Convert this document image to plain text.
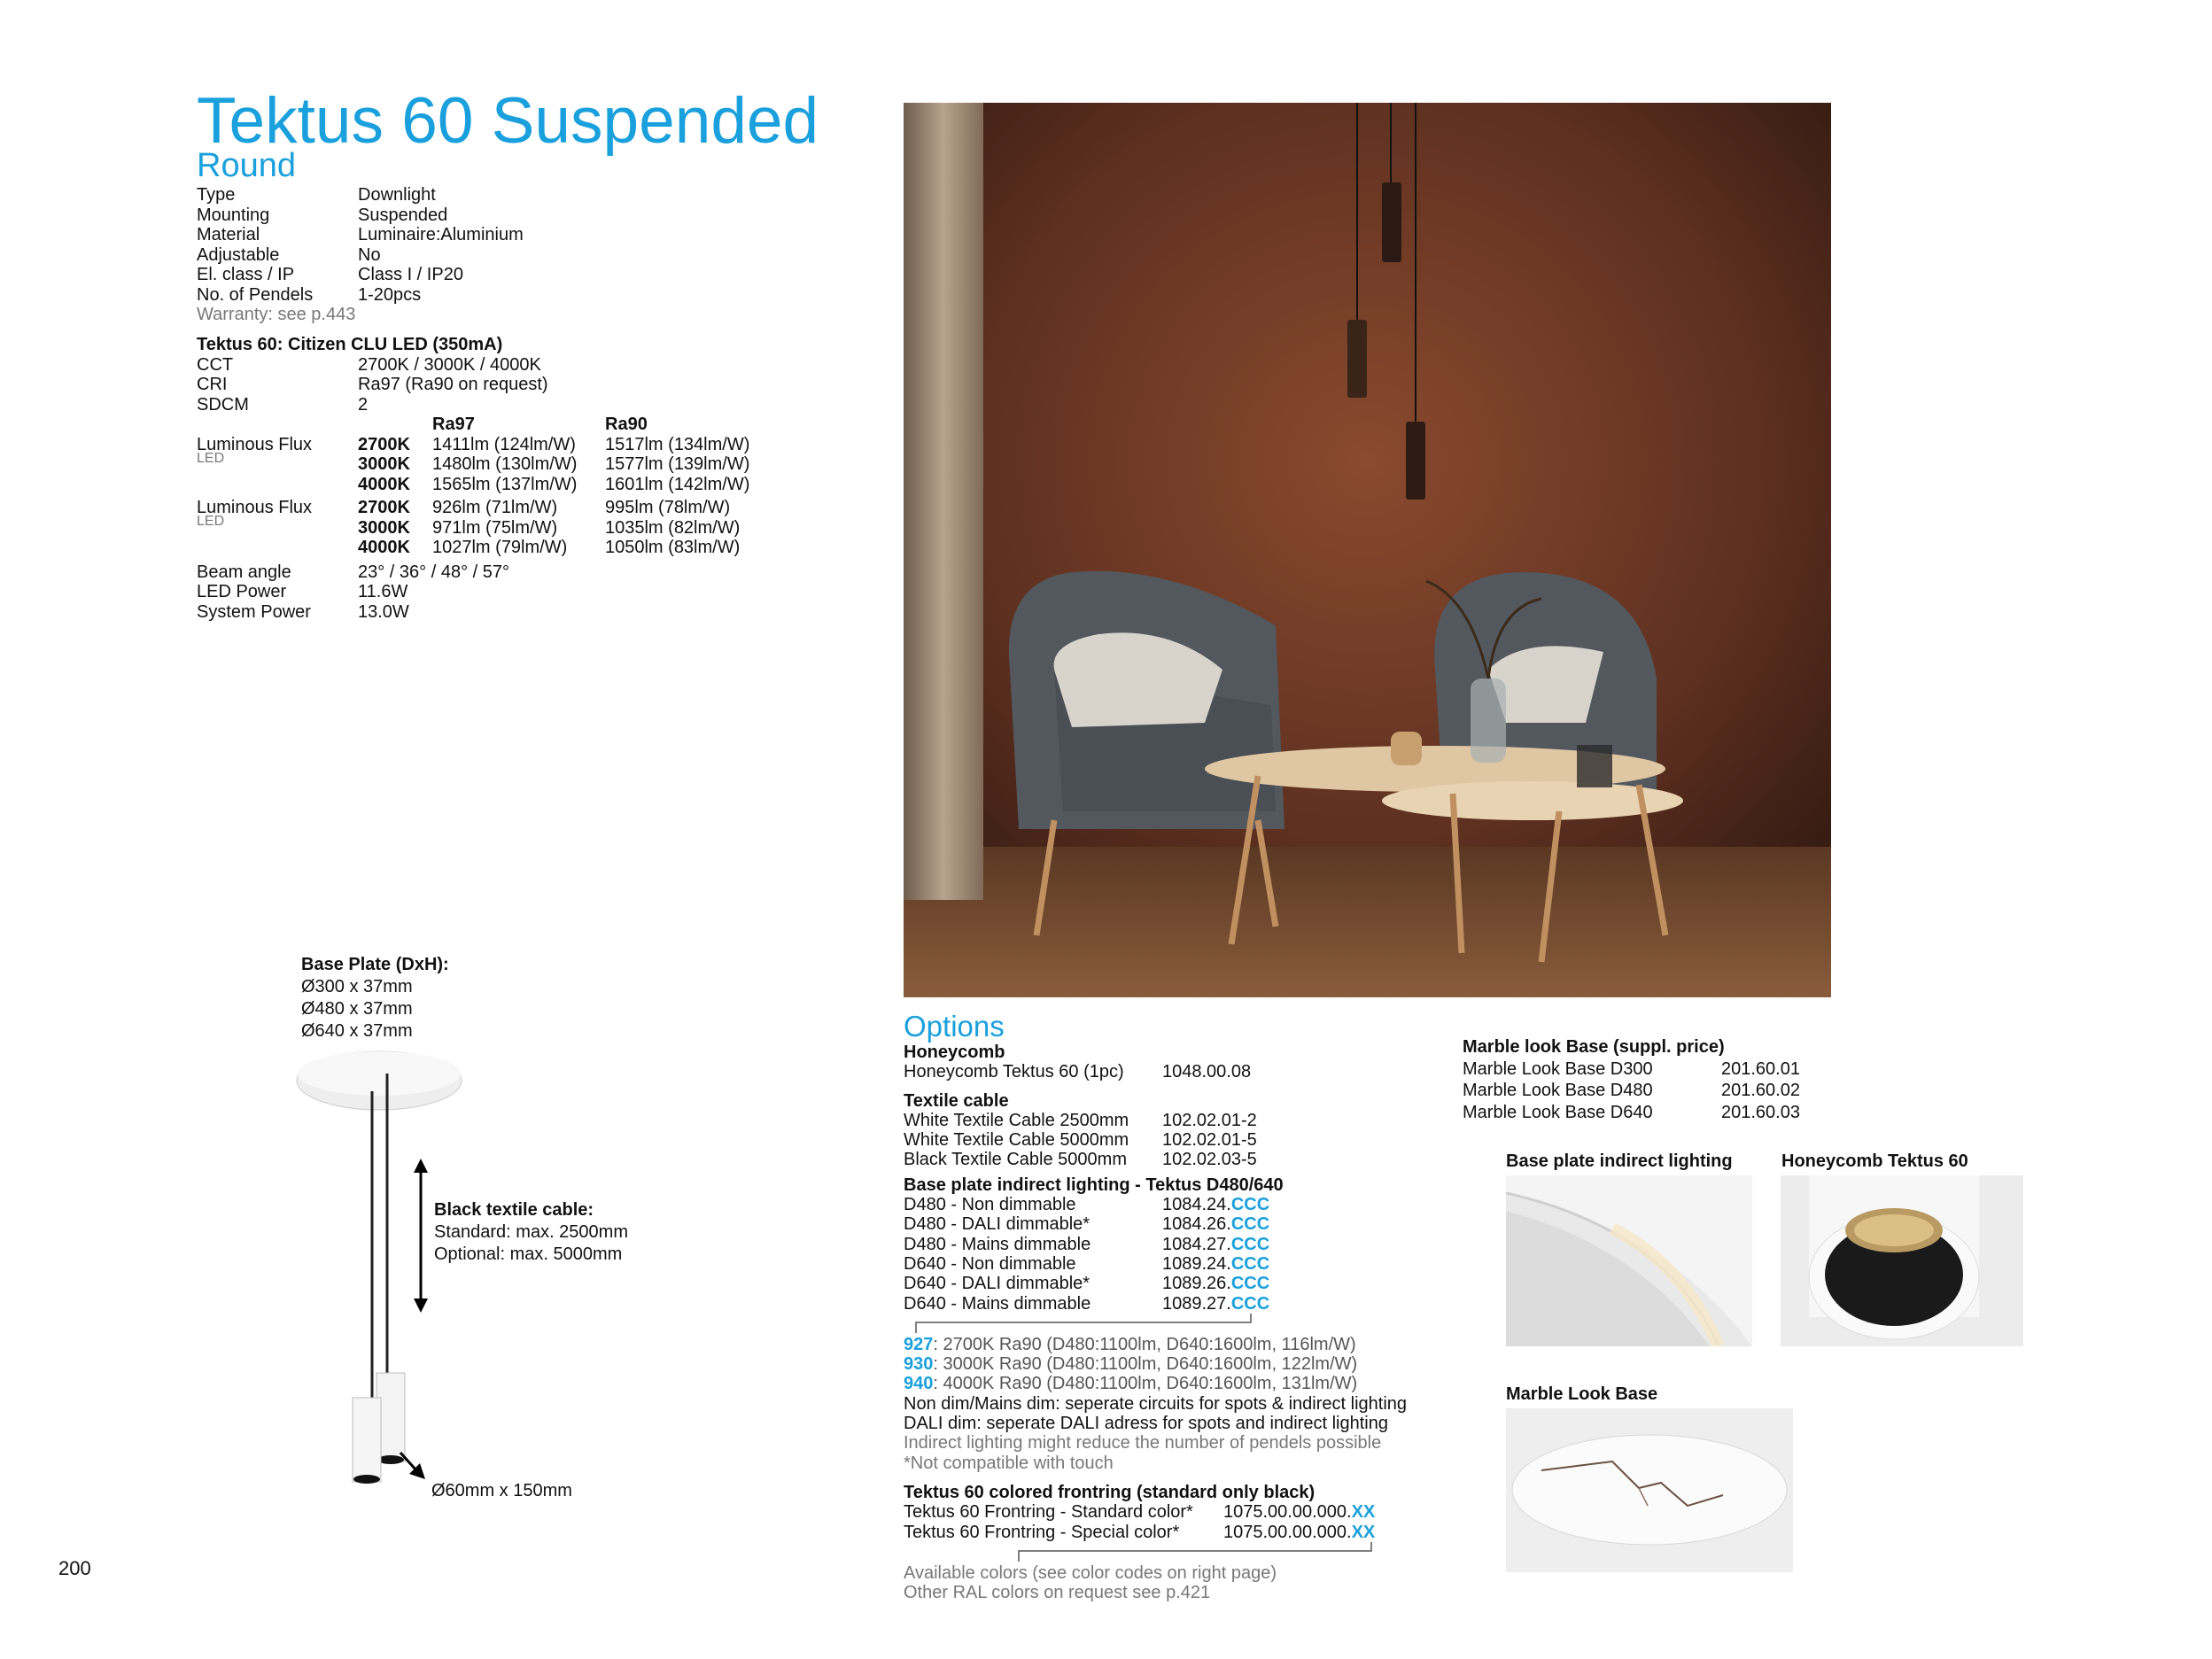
Tektus 60 Suspended
Round
Type	Downlight
Mounting	Suspended
Material	Luminaire:Aluminium
Adjustable	No
El. class / IP	Class I / IP20
No. of Pendels	1-20pcs
Warranty: see p.443
Tektus 60: Citizen CLU LED (350mA)
CCT	2700K / 3000K / 4000K
CRI	Ra97 (Ra90 on request)
SDCM	2
Ra97	Ra90
Luminous Flux
LED
2700K 1411lm (124lm/W) 1517lm (134lm/W)
3000K 1480lm (130lm/W) 1577lm (139lm/W)
4000K 1565lm (137lm/W) 1601lm (142lm/W)
Luminous Flux
LED
2700K 926lm (71lm/W)	995lm (78lm/W)
3000K 971lm (75lm/W)	1035lm (82lm/W)
4000K 1027lm (79lm/W) 1050lm (83lm/W)
Beam angle	23° / 36° / 48° / 57°
LED Power	11.6W
System Power	13.0W
Base Plate (DxH):
Ø300 x 37mm
Ø480 x 37mm
Ø640 x 37mm
Black textile cable:
Standard: max. 2500mm
Optional: max. 5000mm
Ø60mm x 150mm
Options
Honeycomb
Honeycomb Tektus 60 (1pc) 1048.00.08
Textile cable
White Textile Cable 2500mm 102.02.01-2
White Textile Cable 5000mm 102.02.01-5
Black Textile Cable 5000mm 102.02.03-5
Base plate indirect lighting - Tektus D480/640
D480 - Non dimmable	1084.24.CCC
D480 - DALI dimmable*	1084.26.CCC
D480 - Mains dimmable	1084.27.CCC
D640 - Non dimmable	1089.24.CCC
D640 - DALI dimmable*	1089.26.CCC
D640 - Mains dimmable	1089.27.CCC
927: 2700K Ra90 (D480:1100lm, D640:1600lm, 116lm/W)
930: 3000K Ra90 (D480:1100lm, D640:1600lm, 122lm/W)
940: 4000K Ra90 (D480:1100lm, D640:1600lm, 131lm/W)
Non dim/Mains dim: seperate circuits for spots & indirect lighting
DALI dim: seperate DALI adress for spots and indirect lighting
Indirect lighting might reduce the number of pendels possible
*Not compatible with touch
Tektus 60 colored frontring (standard only black)
Tektus 60 Frontring - Standard color* 1075.00.00.000.XX
Tektus 60 Frontring - Special color* 1075.00.00.000.XX
Available colors (see color codes on right page)
Other RAL colors on request see p.421
Marble look Base (suppl. price)
Marble Look Base D300	201.60.01
Marble Look Base D480	201.60.02
Marble Look Base D640	201.60.03
Base plate indirect lighting	Honeycomb Tektus 60
Marble Look Base
200
